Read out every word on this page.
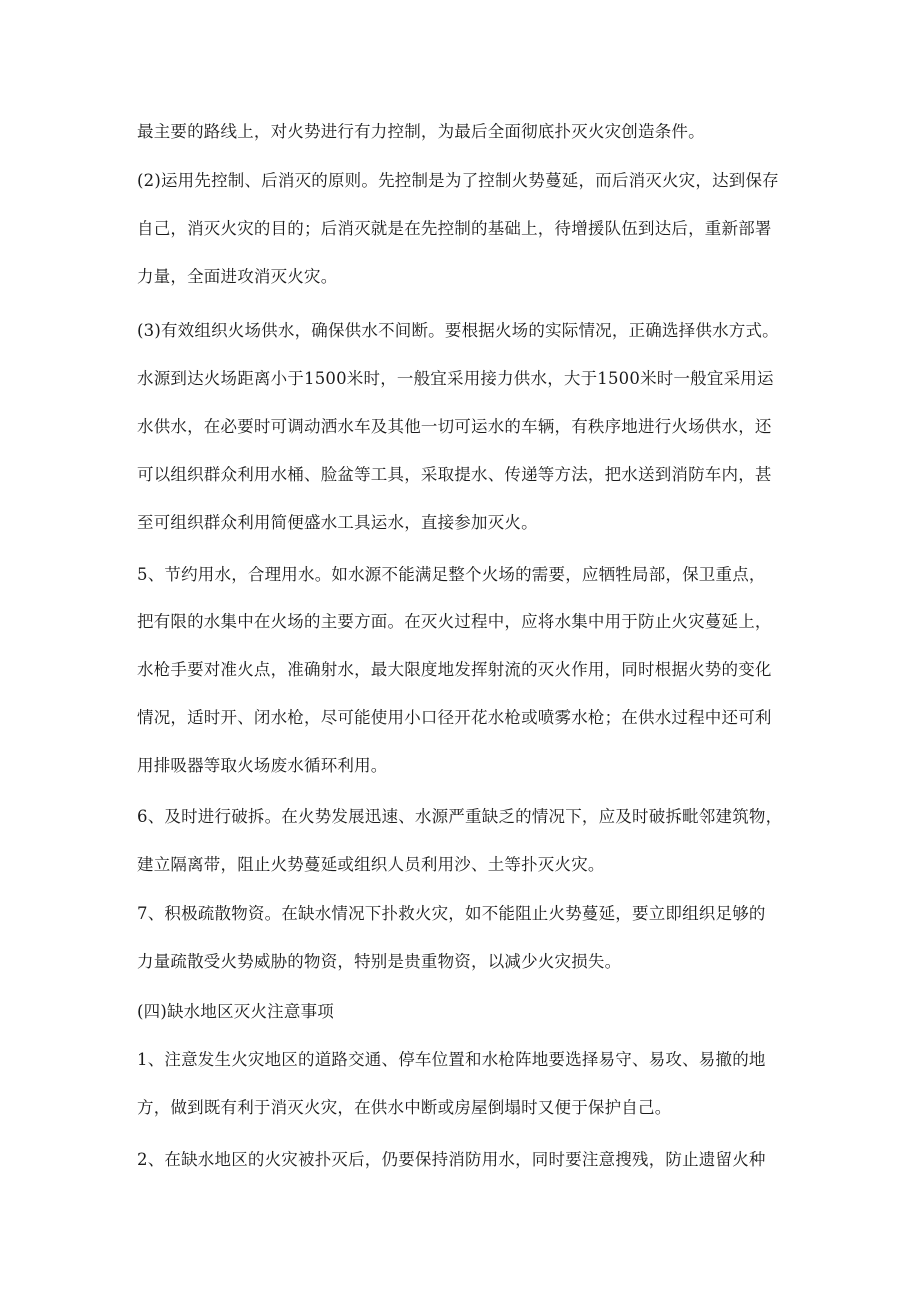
最主要的路线上，对火势进行有力控制，为最后全面彻底扑灭火灾创造条件。
(2)运用先控制、后消灭的原则。先控制是为了控制火势蔓延，而后消灭火灾，达到保存
自己，消灭火灾的目的；后消灭就是在先控制的基础上，待增援队伍到达后，重新部署
力量，全面进攻消灭火灾。
(3)有效组织火场供水，确保供水不间断。要根据火场的实际情况，正确选择供水方式。
水源到达火场距离小于1500米时，一般宜采用接力供水，大于1500米时一般宜采用运
水供水，在必要时可调动洒水车及其他一切可运水的车辆，有秩序地进行火场供水，还
可以组织群众利用水桶、脸盆等工具，采取提水、传递等方法，把水送到消防车内，甚
至可组织群众利用简便盛水工具运水，直接参加灭火。
5、节约用水，合理用水。如水源不能满足整个火场的需要，应牺牲局部，保卫重点，
把有限的水集中在火场的主要方面。在灭火过程中，应将水集中用于防止火灾蔓延上，
水枪手要对准火点，准确射水，最大限度地发挥射流的灭火作用，同时根据火势的变化
情况，适时开、闭水枪，尽可能使用小口径开花水枪或喷雾水枪；在供水过程中还可利
用排吸器等取火场废水循环利用。
6、及时进行破拆。在火势发展迅速、水源严重缺乏的情况下，应及时破拆毗邻建筑物，
建立隔离带，阻止火势蔓延或组织人员利用沙、土等扑灭火灾。
7、积极疏散物资。在缺水情况下扑救火灾，如不能阻止火势蔓延，要立即组织足够的
力量疏散受火势威胁的物资，特别是贵重物资，以减少火灾损失。
(四)缺水地区灭火注意事项
1、注意发生火灾地区的道路交通、停车位置和水枪阵地要选择易守、易攻、易撤的地
方，做到既有利于消灭火灾，在供水中断或房屋倒塌时又便于保护自己。
2、在缺水地区的火灾被扑灭后，仍要保持消防用水，同时要注意搜残，防止遗留火种
